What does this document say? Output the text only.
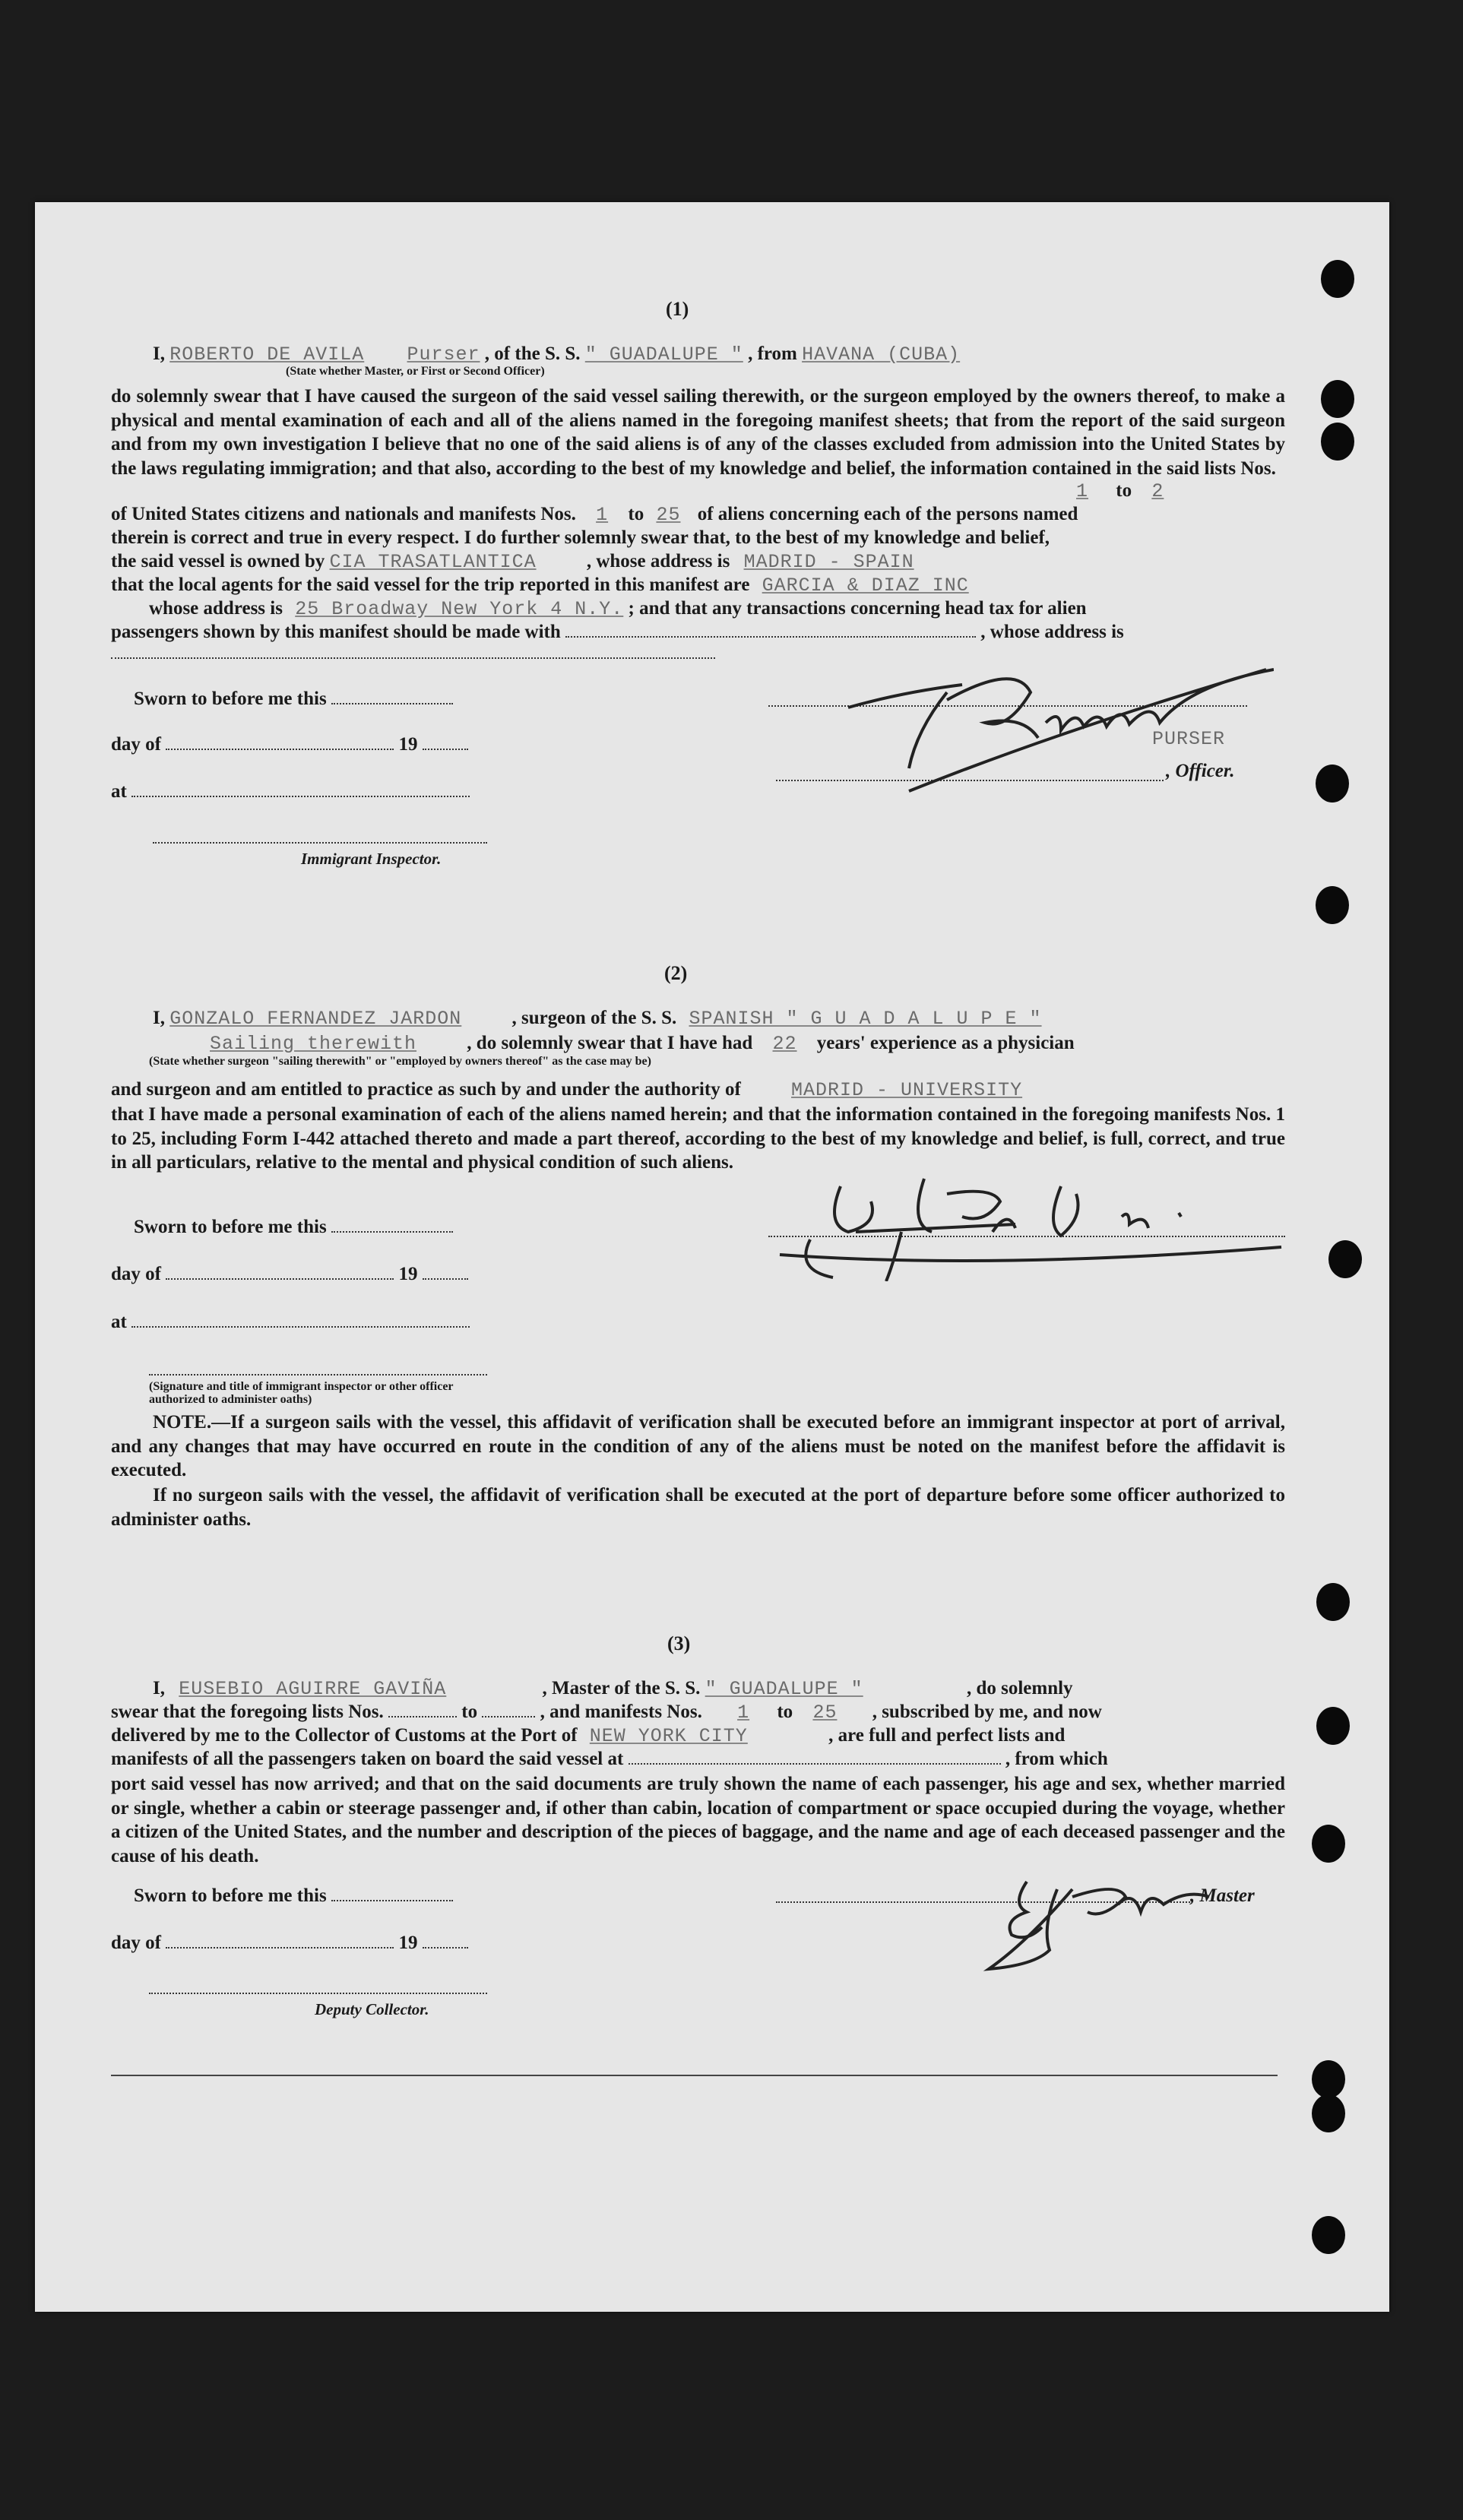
(1)
I, ROBERTO DE AVILA Purser , of the S. S. " GUADALUPE " , from HAVANA (CUBA)
(State whether Master, or First or Second Officer)
do solemnly swear that I have caused the surgeon of the said vessel sailing therewith, or the surgeon employed by the owners thereof, to make a physical and mental examination of each and all of the aliens named in the foregoing manifest sheets; that from the report of the said surgeon and from my own investigation I believe that no one of the said aliens is of any of the classes excluded from admission into the United States by the laws regulating immigration; and that also, according to the best of my knowledge and belief, the information contained in the said lists Nos.
1 to 2
of United States citizens and nationals and manifests Nos. 1 to 25 of aliens concerning each of the persons named
therein is correct and true in every respect. I do further solemnly swear that, to the best of my knowledge and belief,
the said vessel is owned by CIA TRASATLANTICA	, whose address is MADRID - SPAIN
that the local agents for the said vessel for the trip reported in this manifest are GARCIA & DIAZ INC
whose address is 25 Broadway New York 4 N.Y. ; and that any transactions concerning head tax for alien
passengers shown by this manifest should be made with	, whose address is
Sworn to before me this
day of	19
at
Immigrant Inspector.
PURSER
, Officer.
(2)
I, GONZALO FERNANDEZ JARDON	, surgeon of the S. S. SPANISH " G U A D A L U P E "
Sailing therewith	, do solemnly swear that I have had 22 years' experience as a physician
(State whether surgeon "sailing therewith" or "employed by owners thereof" as the case may be)
and surgeon and am entitled to practice as such by and under the authority of	MADRID - UNIVERSITY
that I have made a personal examination of each of the aliens named herein; and that the information contained in the foregoing manifests Nos. 1 to 25, including Form I-442 attached thereto and made a part thereof, according to the best of my knowledge and belief, is full, correct, and true in all particulars, relative to the mental and physical condition of such aliens.
Sworn to before me this
day of	19
at
(Signature and title of immigrant inspector or other officer authorized to administer oaths)
NOTE.—If a surgeon sails with the vessel, this affidavit of verification shall be executed before an immigrant inspector at port of arrival, and any changes that may have occurred en route in the condition of any of the aliens must be noted on the manifest before the affidavit is executed.
If no surgeon sails with the vessel, the affidavit of verification shall be executed at the port of departure before some officer authorized to administer oaths.
(3)
I, EUSEBIO AGUIRRE GAVIÑA	, Master of the S. S. " GUADALUPE "	, do solemnly
swear that the foregoing lists Nos.	to	, and manifests Nos. 1 to 25 , subscribed by me, and now
delivered by me to the Collector of Customs at the Port of NEW YORK CITY	, are full and perfect lists and
manifests of all the passengers taken on board the said vessel at	, from which
port said vessel has now arrived; and that on the said documents are truly shown the name of each passenger, his age and sex, whether married or single, whether a cabin or steerage passenger and, if other than cabin, location of compartment or space occupied during the voyage, whether a citizen of the United States, and the number and description of the pieces of baggage, and the name and age of each deceased passenger and the cause of his death.
Sworn to before me this	, Master
day of	19
Deputy Collector.
